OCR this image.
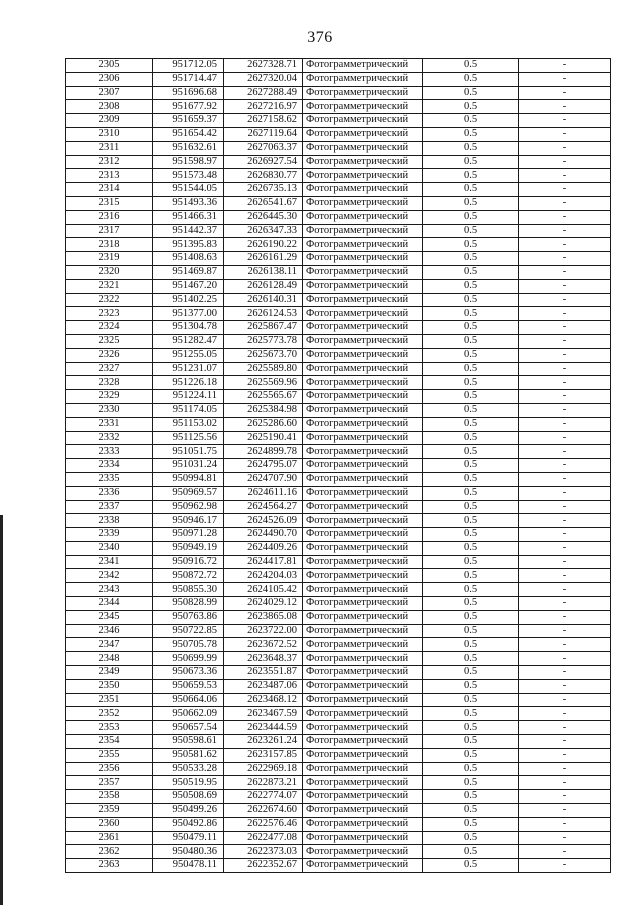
376
2305	951712.05	2627328.71	Фотограмметрический	0.5	-
2306	951714.47	2627320.04	Фотограмметрический	0.5	-
2307	951696.68	2627288.49	Фотограмметрический	0.5	-
2308	951677.92	2627216.97	Фотограмметрический	0.5	-
2309	951659.37	2627158.62	Фотограмметрический	0.5	-
2310	951654.42	2627119.64	Фотограмметрический	0.5	-
2311	951632.61	2627063.37	Фотограмметрический	0.5	-
2312	951598.97	2626927.54	Фотограмметрический	0.5	-
2313	951573.48	2626830.77	Фотограмметрический	0.5	-
2314	951544.05	2626735.13	Фотограмметрический	0.5	-
2315	951493.36	2626541.67	Фотограмметрический	0.5	-
2316	951466.31	2626445.30	Фотограмметрический	0.5	-
2317	951442.37	2626347.33	Фотограмметрический	0.5	-
2318	951395.83	2626190.22	Фотограмметрический	0.5	-
2319	951408.63	2626161.29	Фотограмметрический	0.5	-
2320	951469.87	2626138.11	Фотограмметрический	0.5	-
2321	951467.20	2626128.49	Фотограмметрический	0.5	-
2322	951402.25	2626140.31	Фотограмметрический	0.5	-
2323	951377.00	2626124.53	Фотограмметрический	0.5	-
2324	951304.78	2625867.47	Фотограмметрический	0.5	-
2325	951282.47	2625773.78	Фотограмметрический	0.5	-
2326	951255.05	2625673.70	Фотограмметрический	0.5	-
2327	951231.07	2625589.80	Фотограмметрический	0.5	-
2328	951226.18	2625569.96	Фотограмметрический	0.5	-
2329	951224.11	2625565.67	Фотограмметрический	0.5	-
2330	951174.05	2625384.98	Фотограмметрический	0.5	-
2331	951153.02	2625286.60	Фотограмметрический	0.5	-
2332	951125.56	2625190.41	Фотограмметрический	0.5	-
2333	951051.75	2624899.78	Фотограмметрический	0.5	-
2334	951031.24	2624795.07	Фотограмметрический	0.5	-
2335	950994.81	2624707.90	Фотограмметрический	0.5	-
2336	950969.57	2624611.16	Фотограмметрический	0.5	-
2337	950962.98	2624564.27	Фотограмметрический	0.5	-
2338	950946.17	2624526.09	Фотограмметрический	0.5	-
2339	950971.28	2624490.70	Фотограмметрический	0.5	-
2340	950949.19	2624409.26	Фотограмметрический	0.5	-
2341	950916.72	2624417.81	Фотограмметрический	0.5	-
2342	950872.72	2624204.03	Фотограмметрический	0.5	-
2343	950855.30	2624105.42	Фотограмметрический	0.5	-
2344	950828.99	2624029.12	Фотограмметрический	0.5	-
2345	950763.86	2623865.08	Фотограмметрический	0.5	-
2346	950722.85	2623722.00	Фотограмметрический	0.5	-
2347	950705.78	2623672.52	Фотограмметрический	0.5	-
2348	950699.99	2623648.37	Фотограмметрический	0.5	-
2349	950673.36	2623551.87	Фотограмметрический	0.5	-
2350	950659.53	2623487.06	Фотограмметрический	0.5	-
2351	950664.06	2623468.12	Фотограмметрический	0.5	-
2352	950662.09	2623467.59	Фотограмметрический	0.5	-
2353	950657.54	2623444.59	Фотограмметрический	0.5	-
2354	950598.61	2623261.24	Фотограмметрический	0.5	-
2355	950581.62	2623157.85	Фотограмметрический	0.5	-
2356	950533.28	2622969.18	Фотограмметрический	0.5	-
2357	950519.95	2622873.21	Фотограмметрический	0.5	-
2358	950508.69	2622774.07	Фотограмметрический	0.5	-
2359	950499.26	2622674.60	Фотограмметрический	0.5	-
2360	950492.86	2622576.46	Фотограмметрический	0.5	-
2361	950479.11	2622477.08	Фотограмметрический	0.5	-
2362	950480.36	2622373.03	Фотограмметрический	0.5	-
2363	950478.11	2622352.67	Фотограмметрический	0.5	-
